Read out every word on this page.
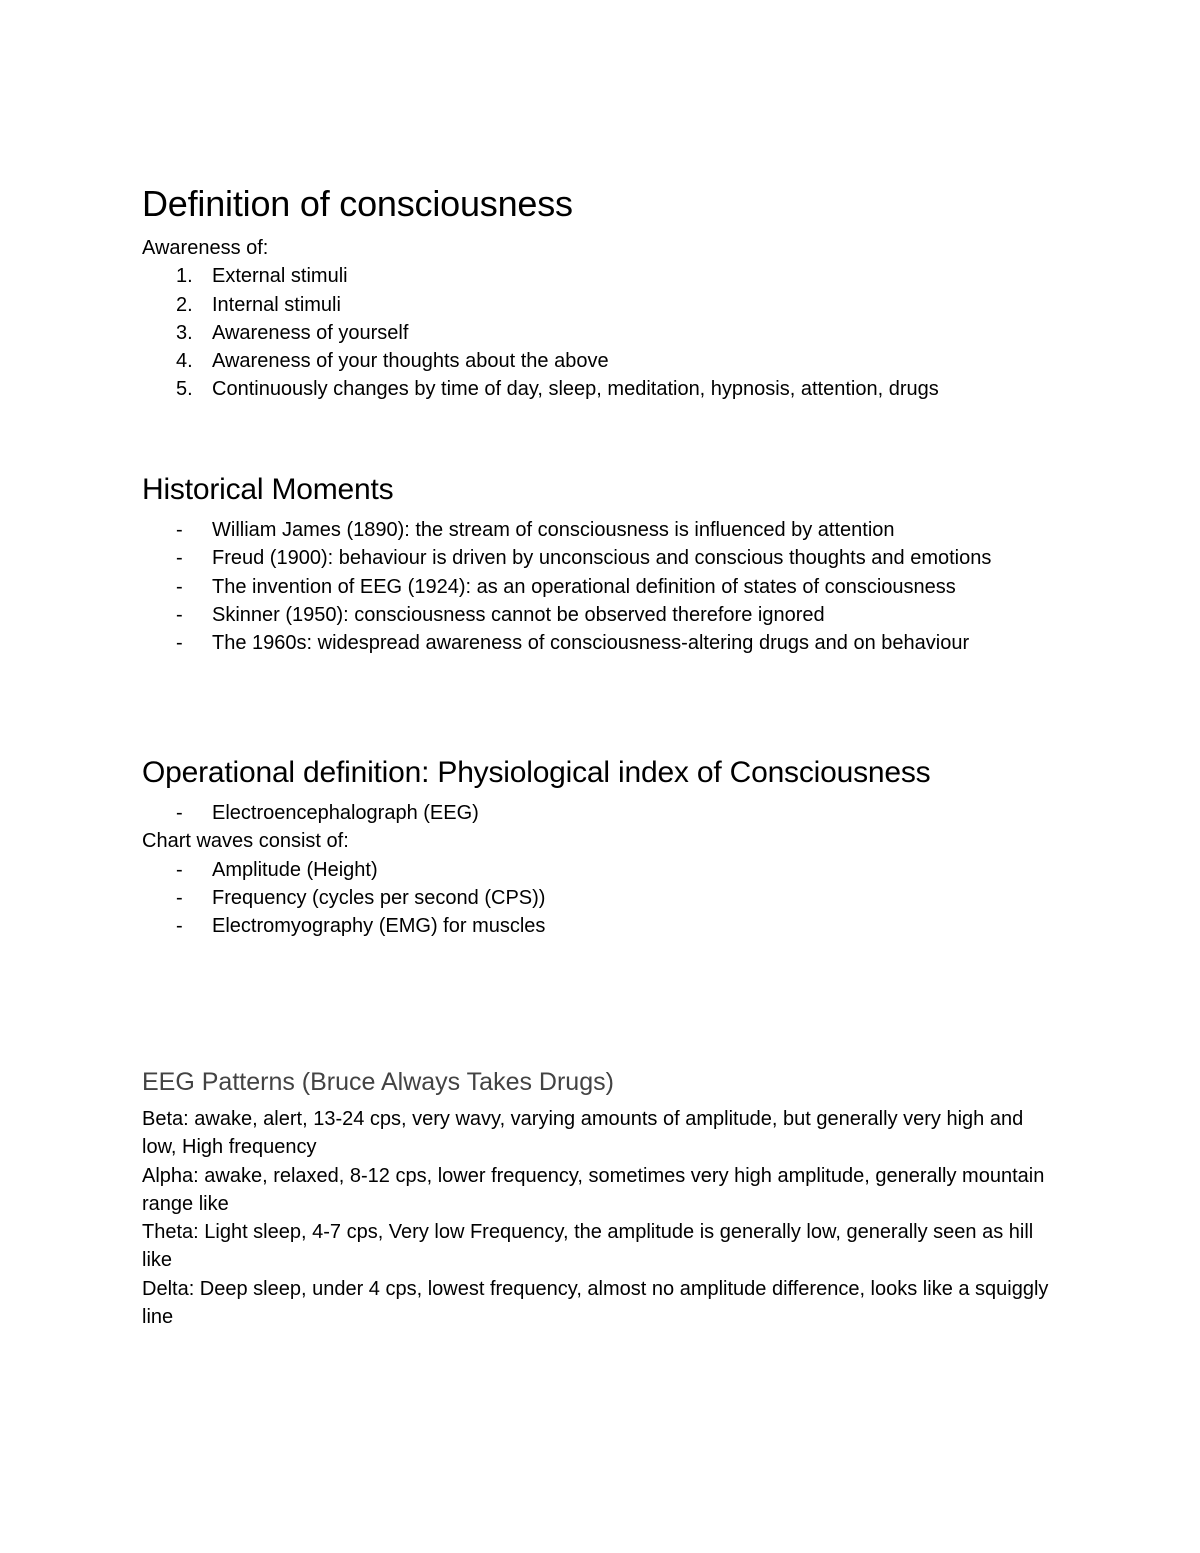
Definition of consciousness

Awareness of:

1. External stimuli
2. Internal stimuli
3. Awareness of yourself
4. Awareness of your thoughts about the above
5. Continuously changes by time of day, sleep, meditation, hypnosis, attention, drugs
Historical Moments
-	William James (1890): the stream of consciousness is influenced by attention
-	Freud (1900): behaviour is driven by unconscious and conscious thoughts and emotions
-	The invention of EEG (1924): as an operational definition of states of consciousness
-	Skinner (1950): consciousness cannot be observed therefore ignored
-	The 1960s: widespread awareness of consciousness-altering drugs and on behaviour
Operational definition: Physiological index of Consciousness
-	Electroencephalograph (EEG)

Chart waves consist of:

-	Amplitude (Height)
-	Frequency (cycles per second (CPS))
-	Electromyography (EMG) for muscles
EEG Patterns (Bruce Always Takes Drugs)

Beta: awake, alert, 13-24 cps, very wavy, varying amounts of amplitude, but generally very high and low, High frequency

Alpha: awake, relaxed, 8-12 cps, lower frequency, sometimes very high amplitude, generally mountain range like

Theta: Light sleep, 4-7 cps, Very low Frequency, the amplitude is generally low, generally seen as hill like

Delta: Deep sleep, under 4 cps, lowest frequency, almost no amplitude difference, looks like a squiggly line
